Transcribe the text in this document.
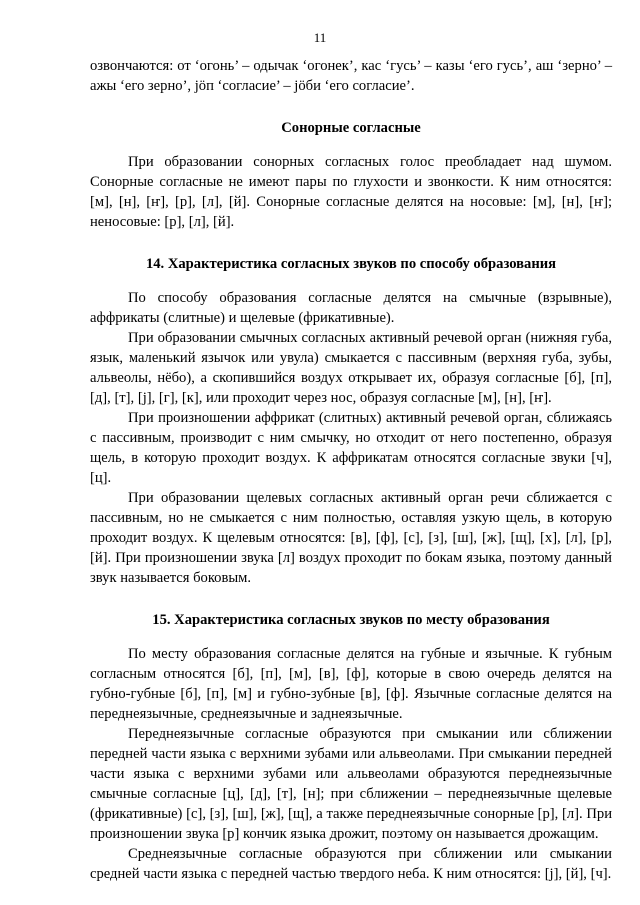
11

озвончаются: от ‘огонь’ – одычак ‘огонек’, кас ‘гусь’ – казы ‘его гусь’, аш ‘зерно’ – ажы ‘его зерно’, jöп ‘согласие’ – jöби ‘его согласие’.

Сонорные согласные

При образовании сонорных согласных голос преобладает над шумом. Сонорные согласные не имеют пары по глухости и звонкости. К ним относятся: [м], [н], [ҥ], [р], [л], [й]. Сонорные согласные делятся на носовые: [м], [н], [ҥ]; неносовые: [р], [л], [й].

14. Характеристика согласных звуков по способу образования

По способу образования согласные делятся на смычные (взрывные), аффрикаты (слитные) и щелевые (фрикативные).

При образовании смычных согласных активный речевой орган (нижняя губа, язык, маленький язычок или увула) смыкается с пассивным (верхняя губа, зубы, альвеолы, нёбо), а скопившийся воздух открывает их, образуя согласные [б], [п], [д], [т], [j], [г], [к], или проходит через нос, образуя согласные [м], [н], [ҥ].

При произношении аффрикат (слитных) активный речевой орган, сближаясь с пассивным, производит с ним смычку, но отходит от него постепенно, образуя щель, в которую проходит воздух. К аффрикатам относятся согласные звуки [ч], [ц].

При образовании щелевых согласных активный орган речи сближается с пассивным, но не смыкается с ним полностью, оставляя узкую щель, в которую проходит воздух. К щелевым относятся: [в], [ф], [с], [з], [ш], [ж], [щ], [х], [л], [р], [й]. При произношении звука [л] воздух проходит по бокам языка, поэтому данный звук называется боковым.

15. Характеристика согласных звуков по месту образования

По месту образования согласные делятся на губные и язычные. К губным согласным относятся [б], [п], [м], [в], [ф], которые в свою очередь делятся на губно-губные [б], [п], [м] и губно-зубные [в], [ф]. Язычные согласные делятся на переднеязычные, среднеязычные и заднеязычные.

Переднеязычные согласные образуются при смыкании или сближении передней части языка с верхними зубами или альвеолами. При смыкании передней части языка с верхними зубами или альвеолами образуются переднеязычные смычные согласные [ц], [д], [т], [н]; при сближении – переднеязычные щелевые (фрикативные) [с], [з], [ш], [ж], [щ], а также переднеязычные сонорные [р], [л]. При произношении звука [р] кончик языка дрожит, поэтому он называется дрожащим.

Среднеязычные согласные образуются при сближении или смыкании средней части языка с передней частью твердого неба. К ним относятся: [j], [й], [ч].
